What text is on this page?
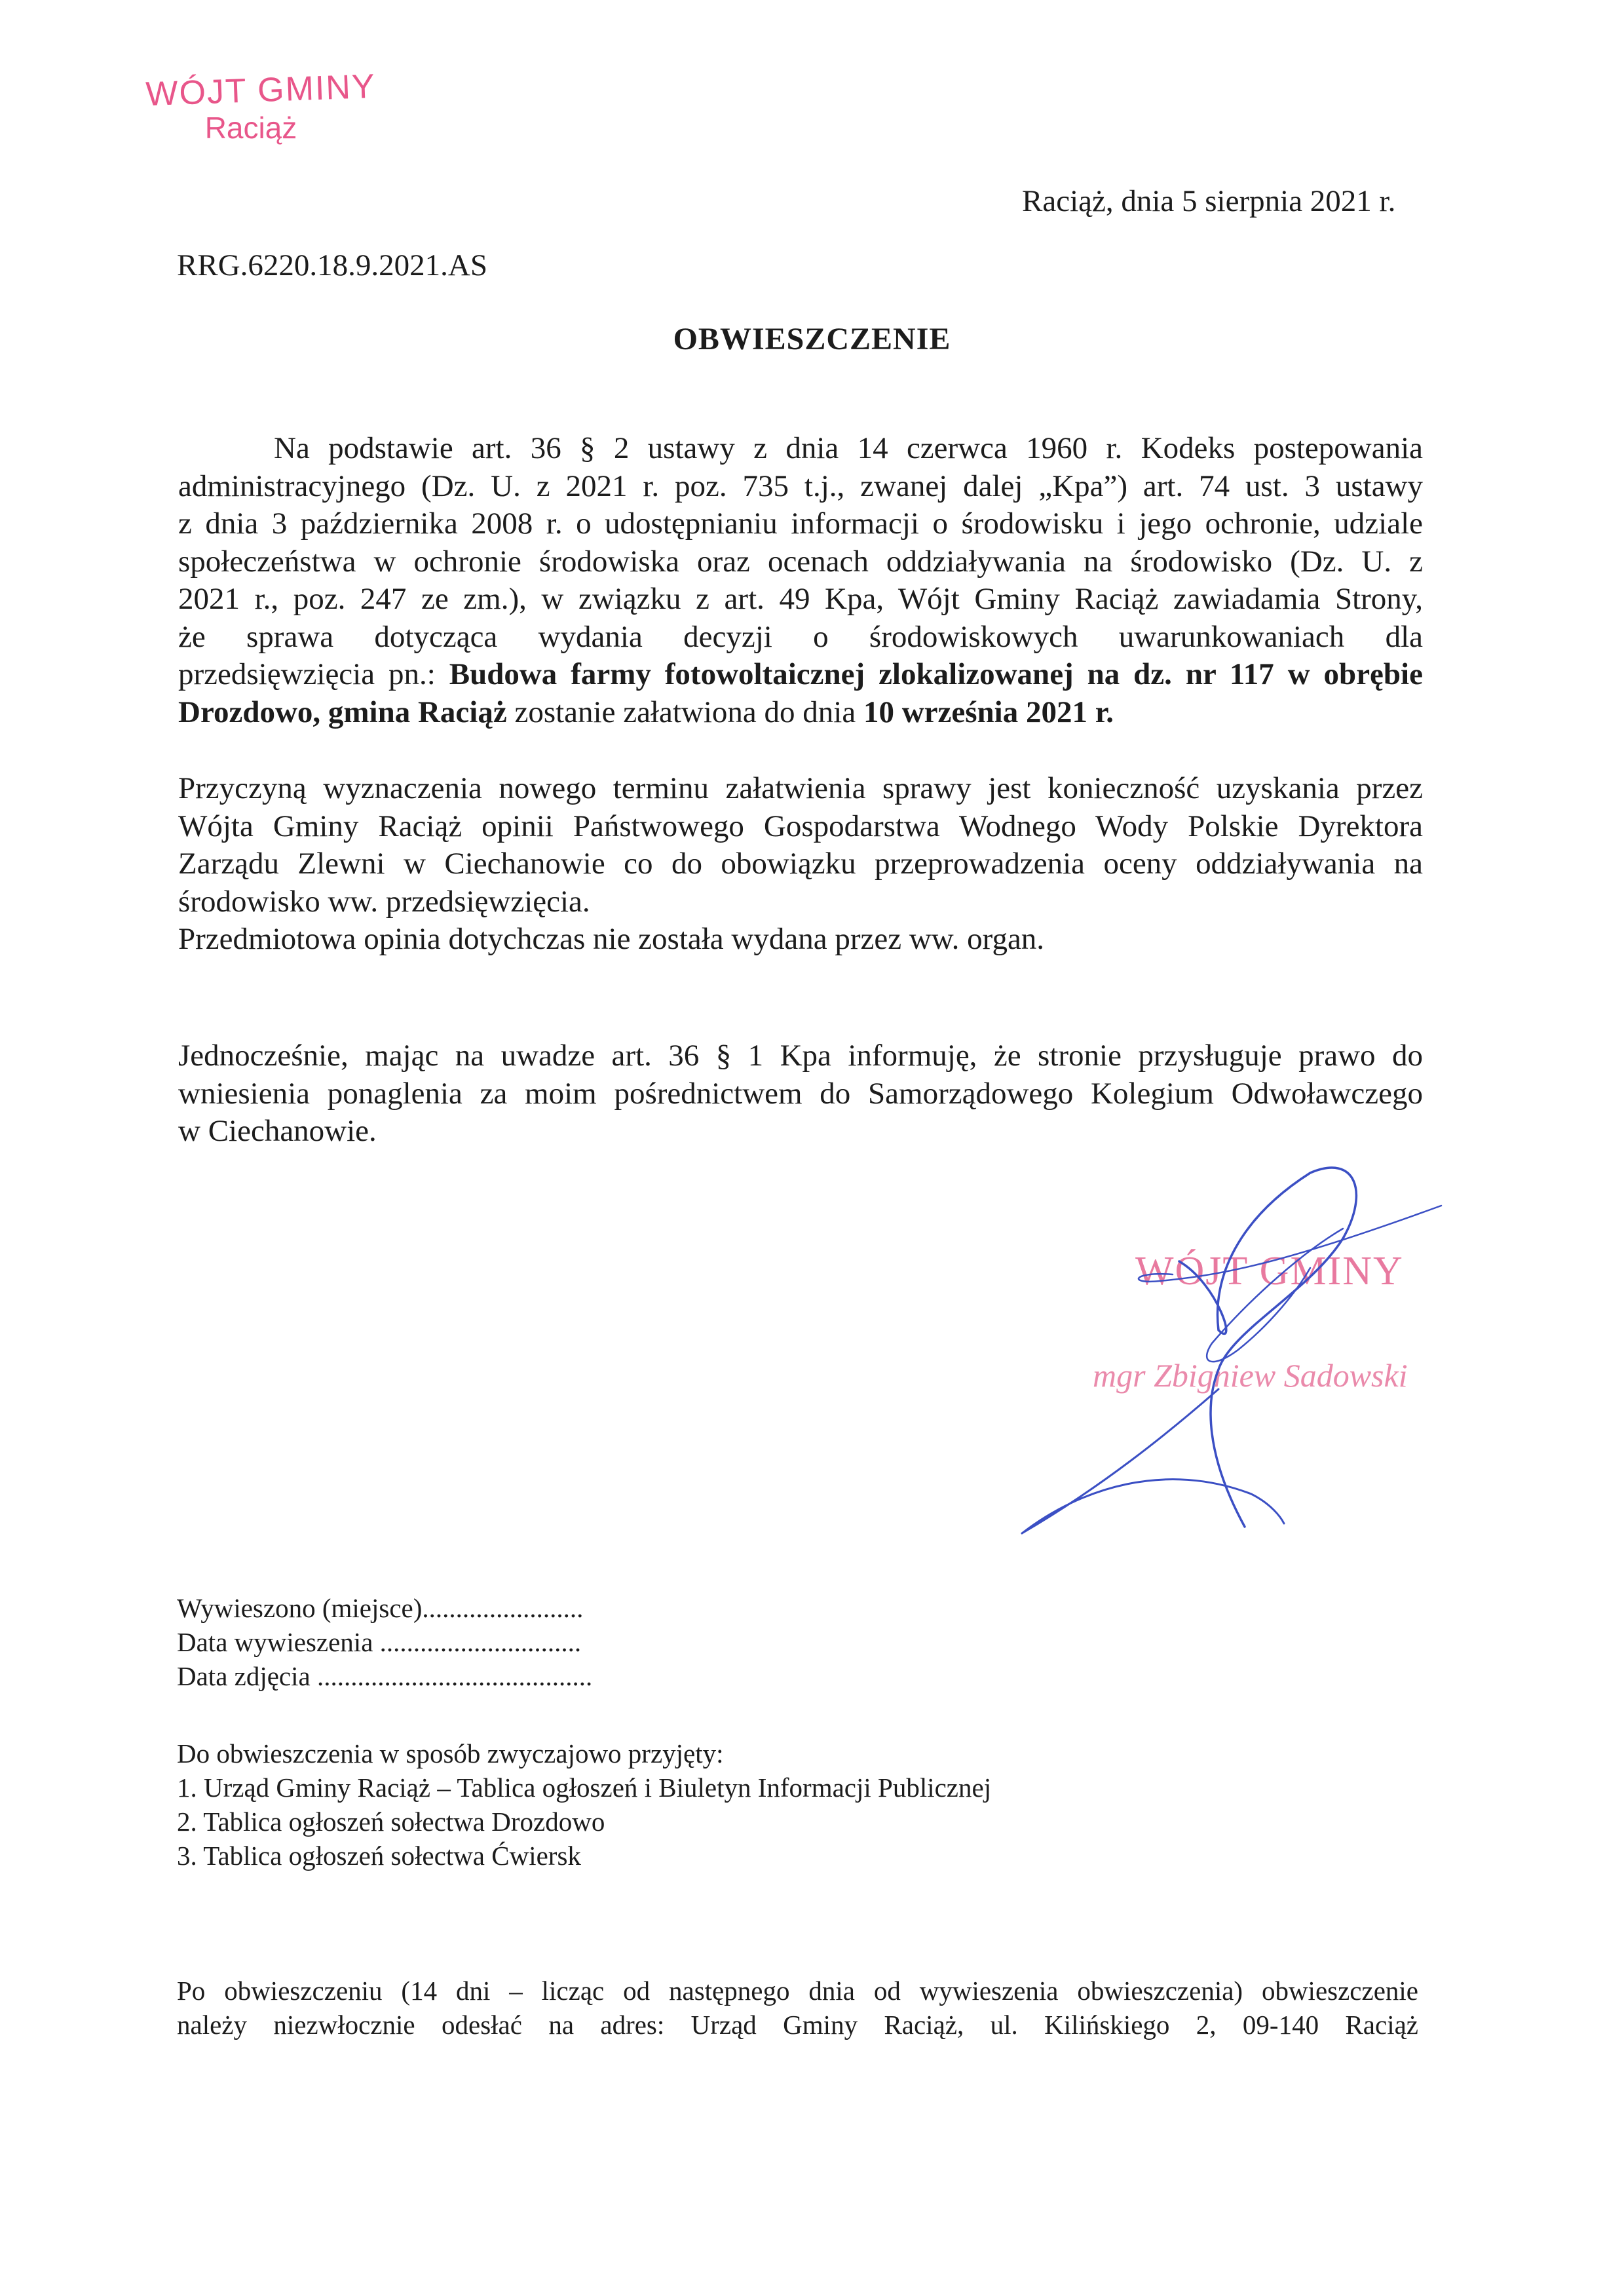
WÓJT GMINY
Raciąż
Raciąż, dnia 5 sierpnia 2021 r.
RRG.6220.18.9.2021.AS
OBWIESZCZENIE
Na podstawie art. 36 § 2 ustawy z dnia 14 czerwca 1960 r. Kodeks postepowania
administracyjnego (Dz. U. z 2021 r. poz. 735 t.j., zwanej dalej „Kpa”) art. 74 ust. 3 ustawy
z dnia 3 października 2008 r. o udostępnianiu informacji o środowisku i jego ochronie, udziale
społeczeństwa w ochronie środowiska oraz ocenach oddziaływania na środowisko (Dz. U. z
2021 r., poz. 247 ze zm.), w związku z art. 49 Kpa, Wójt Gminy Raciąż zawiadamia Strony,
że sprawa dotycząca wydania decyzji o środowiskowych uwarunkowaniach dla
przedsięwzięcia pn.: Budowa farmy fotowoltaicznej zlokalizowanej na dz. nr 117 w obrębie
Drozdowo, gmina Raciąż zostanie załatwiona do dnia 10 września 2021 r.
Przyczyną wyznaczenia nowego terminu załatwienia sprawy jest konieczność uzyskania przez
Wójta Gminy Raciąż opinii Państwowego Gospodarstwa Wodnego Wody Polskie Dyrektora
Zarządu Zlewni w Ciechanowie co do obowiązku przeprowadzenia oceny oddziaływania na
środowisko ww. przedsięwzięcia.
Przedmiotowa opinia dotychczas nie została wydana przez ww. organ.
Jednocześnie, mając na uwadze art. 36 § 1 Kpa informuję, że stronie przysługuje prawo do
wniesienia ponaglenia za moim pośrednictwem do Samorządowego Kolegium Odwoławczego
w Ciechanowie.
WÓJT GMINY
mgr Zbigniew Sadowski
Wywieszono (miejsce)........................
Data wywieszenia ..............................
Data zdjęcia .........................................
Do obwieszczenia w sposób zwyczajowo przyjęty:
1. Urząd Gminy Raciąż – Tablica ogłoszeń i Biuletyn Informacji Publicznej
2. Tablica ogłoszeń sołectwa Drozdowo
3. Tablica ogłoszeń sołectwa Ćwiersk
Po obwieszczeniu (14 dni – licząc od następnego dnia od wywieszenia obwieszczenia) obwieszczenie
należy niezwłocznie odesłać na adres: Urząd Gminy Raciąż, ul. Kilińskiego 2, 09-140 Raciąż
